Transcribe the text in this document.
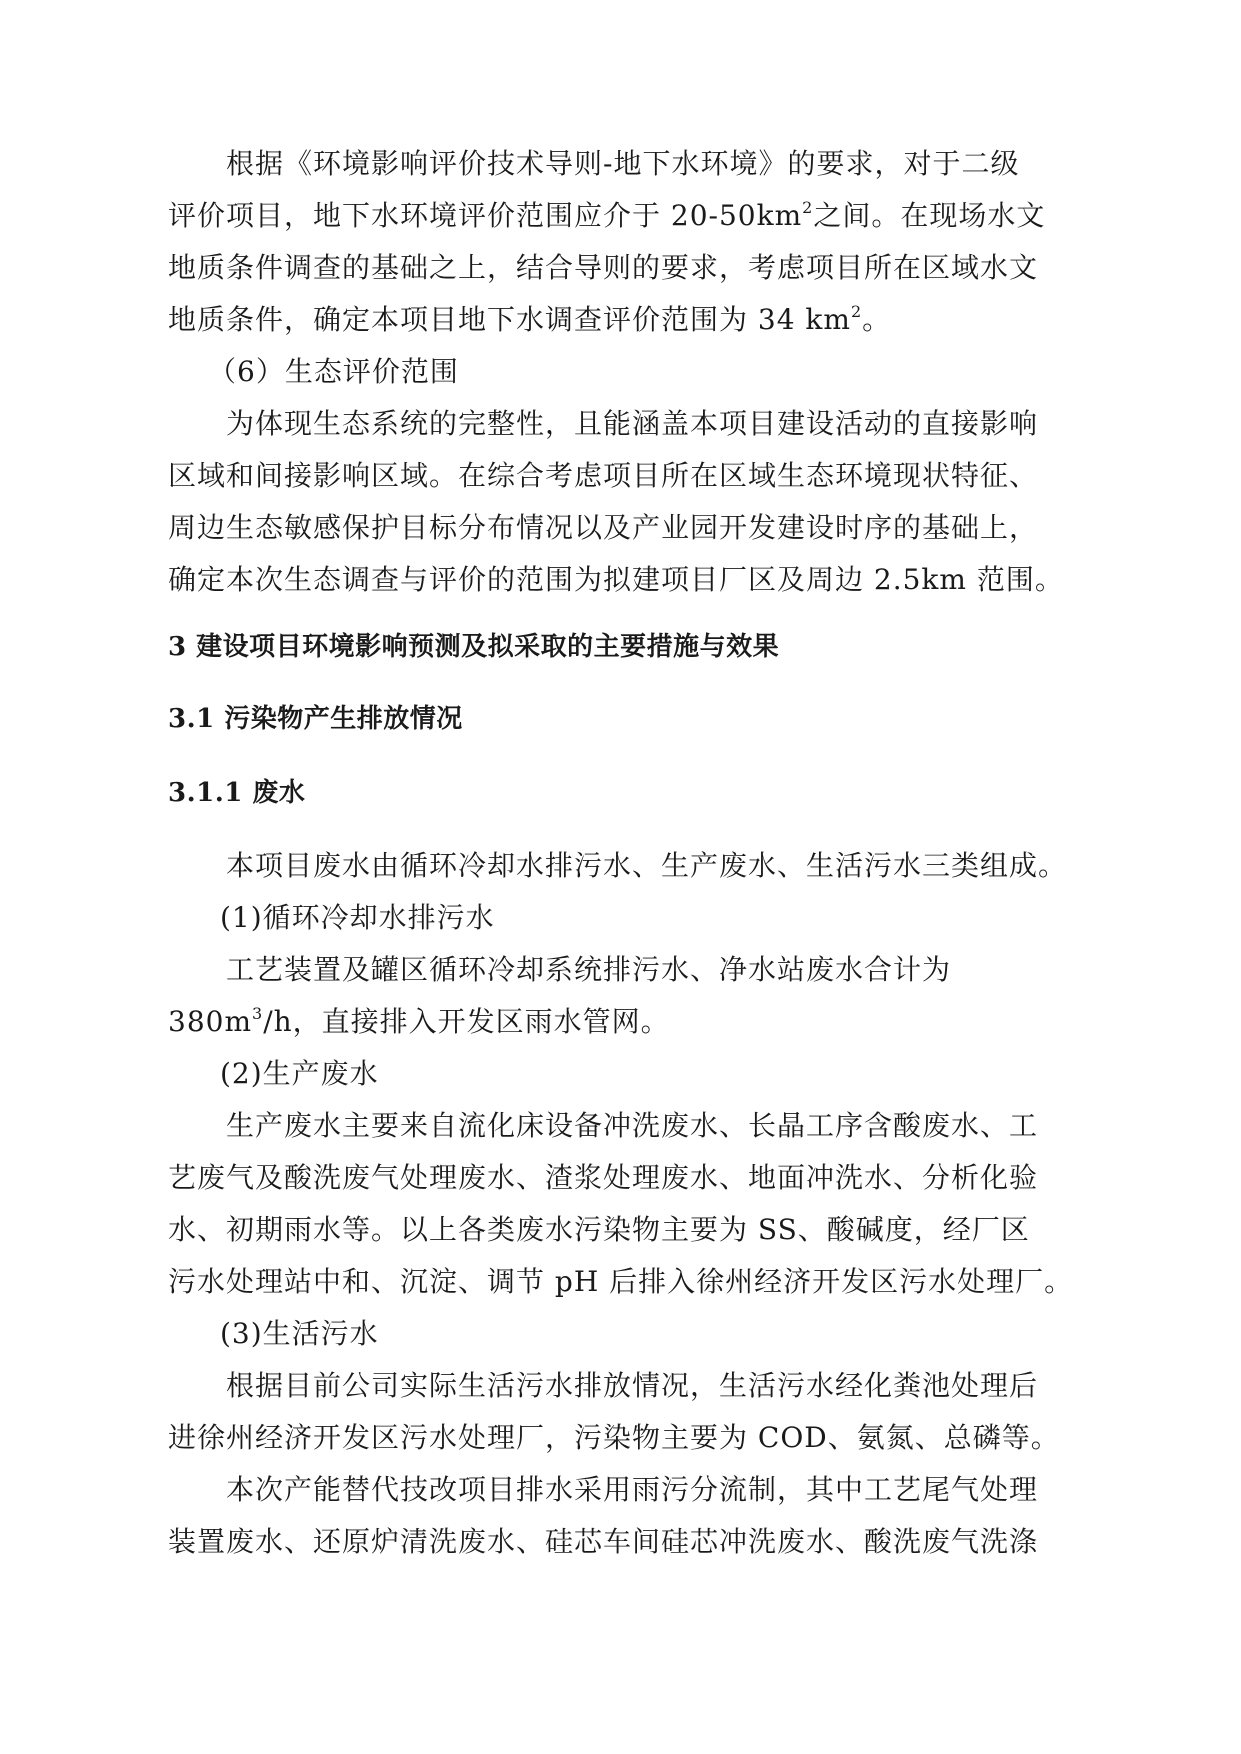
根据《环境影响评价技术导则-地下水环境》的要求，对于二级
评价项目，地下水环境评价范围应介于 $20-50km^2$之间。在现场水文
地质条件调查的基础之上，结合导则的要求，考虑项目所在区域水文
地质条件，确定本项目地下水调查评价范围为 34 $km^2$。
（6）生态评价范围
为体现生态系统的完整性，且能涵盖本项目建设活动的直接影响
区域和间接影响区域。在综合考虑项目所在区域生态环境现状特征、
周边生态敏感保护目标分布情况以及产业园开发建设时序的基础上，
确定本次生态调查与评价的范围为拟建项目厂区及周边 2.5km 范围。
3 建设项目环境影响预测及拟采取的主要措施与效果
3.1 污染物产生排放情况
3.1.1 废水
本项目废水由循环冷却水排污水、生产废水、生活污水三类组成。
(1)循环冷却水排污水
工艺装置及罐区循环冷却系统排污水、净水站废水合计为
$380m^3/h$，直接排入开发区雨水管网。
(2)生产废水
生产废水主要来自流化床设备冲洗废水、长晶工序含酸废水、工
艺废气及酸洗废气处理废水、渣浆处理废水、地面冲洗水、分析化验
水、初期雨水等。以上各类废水污染物主要为 SS、酸碱度，经厂区
污水处理站中和、沉淀、调节 pH 后排入徐州经济开发区污水处理厂。
(3)生活污水
根据目前公司实际生活污水排放情况，生活污水经化粪池处理后
进徐州经济开发区污水处理厂，污染物主要为 COD、氨氮、总磷等。
本次产能替代技改项目排水采用雨污分流制，其中工艺尾气处理
装置废水、还原炉清洗废水、硅芯车间硅芯冲洗废水、酸洗废气洗涤
